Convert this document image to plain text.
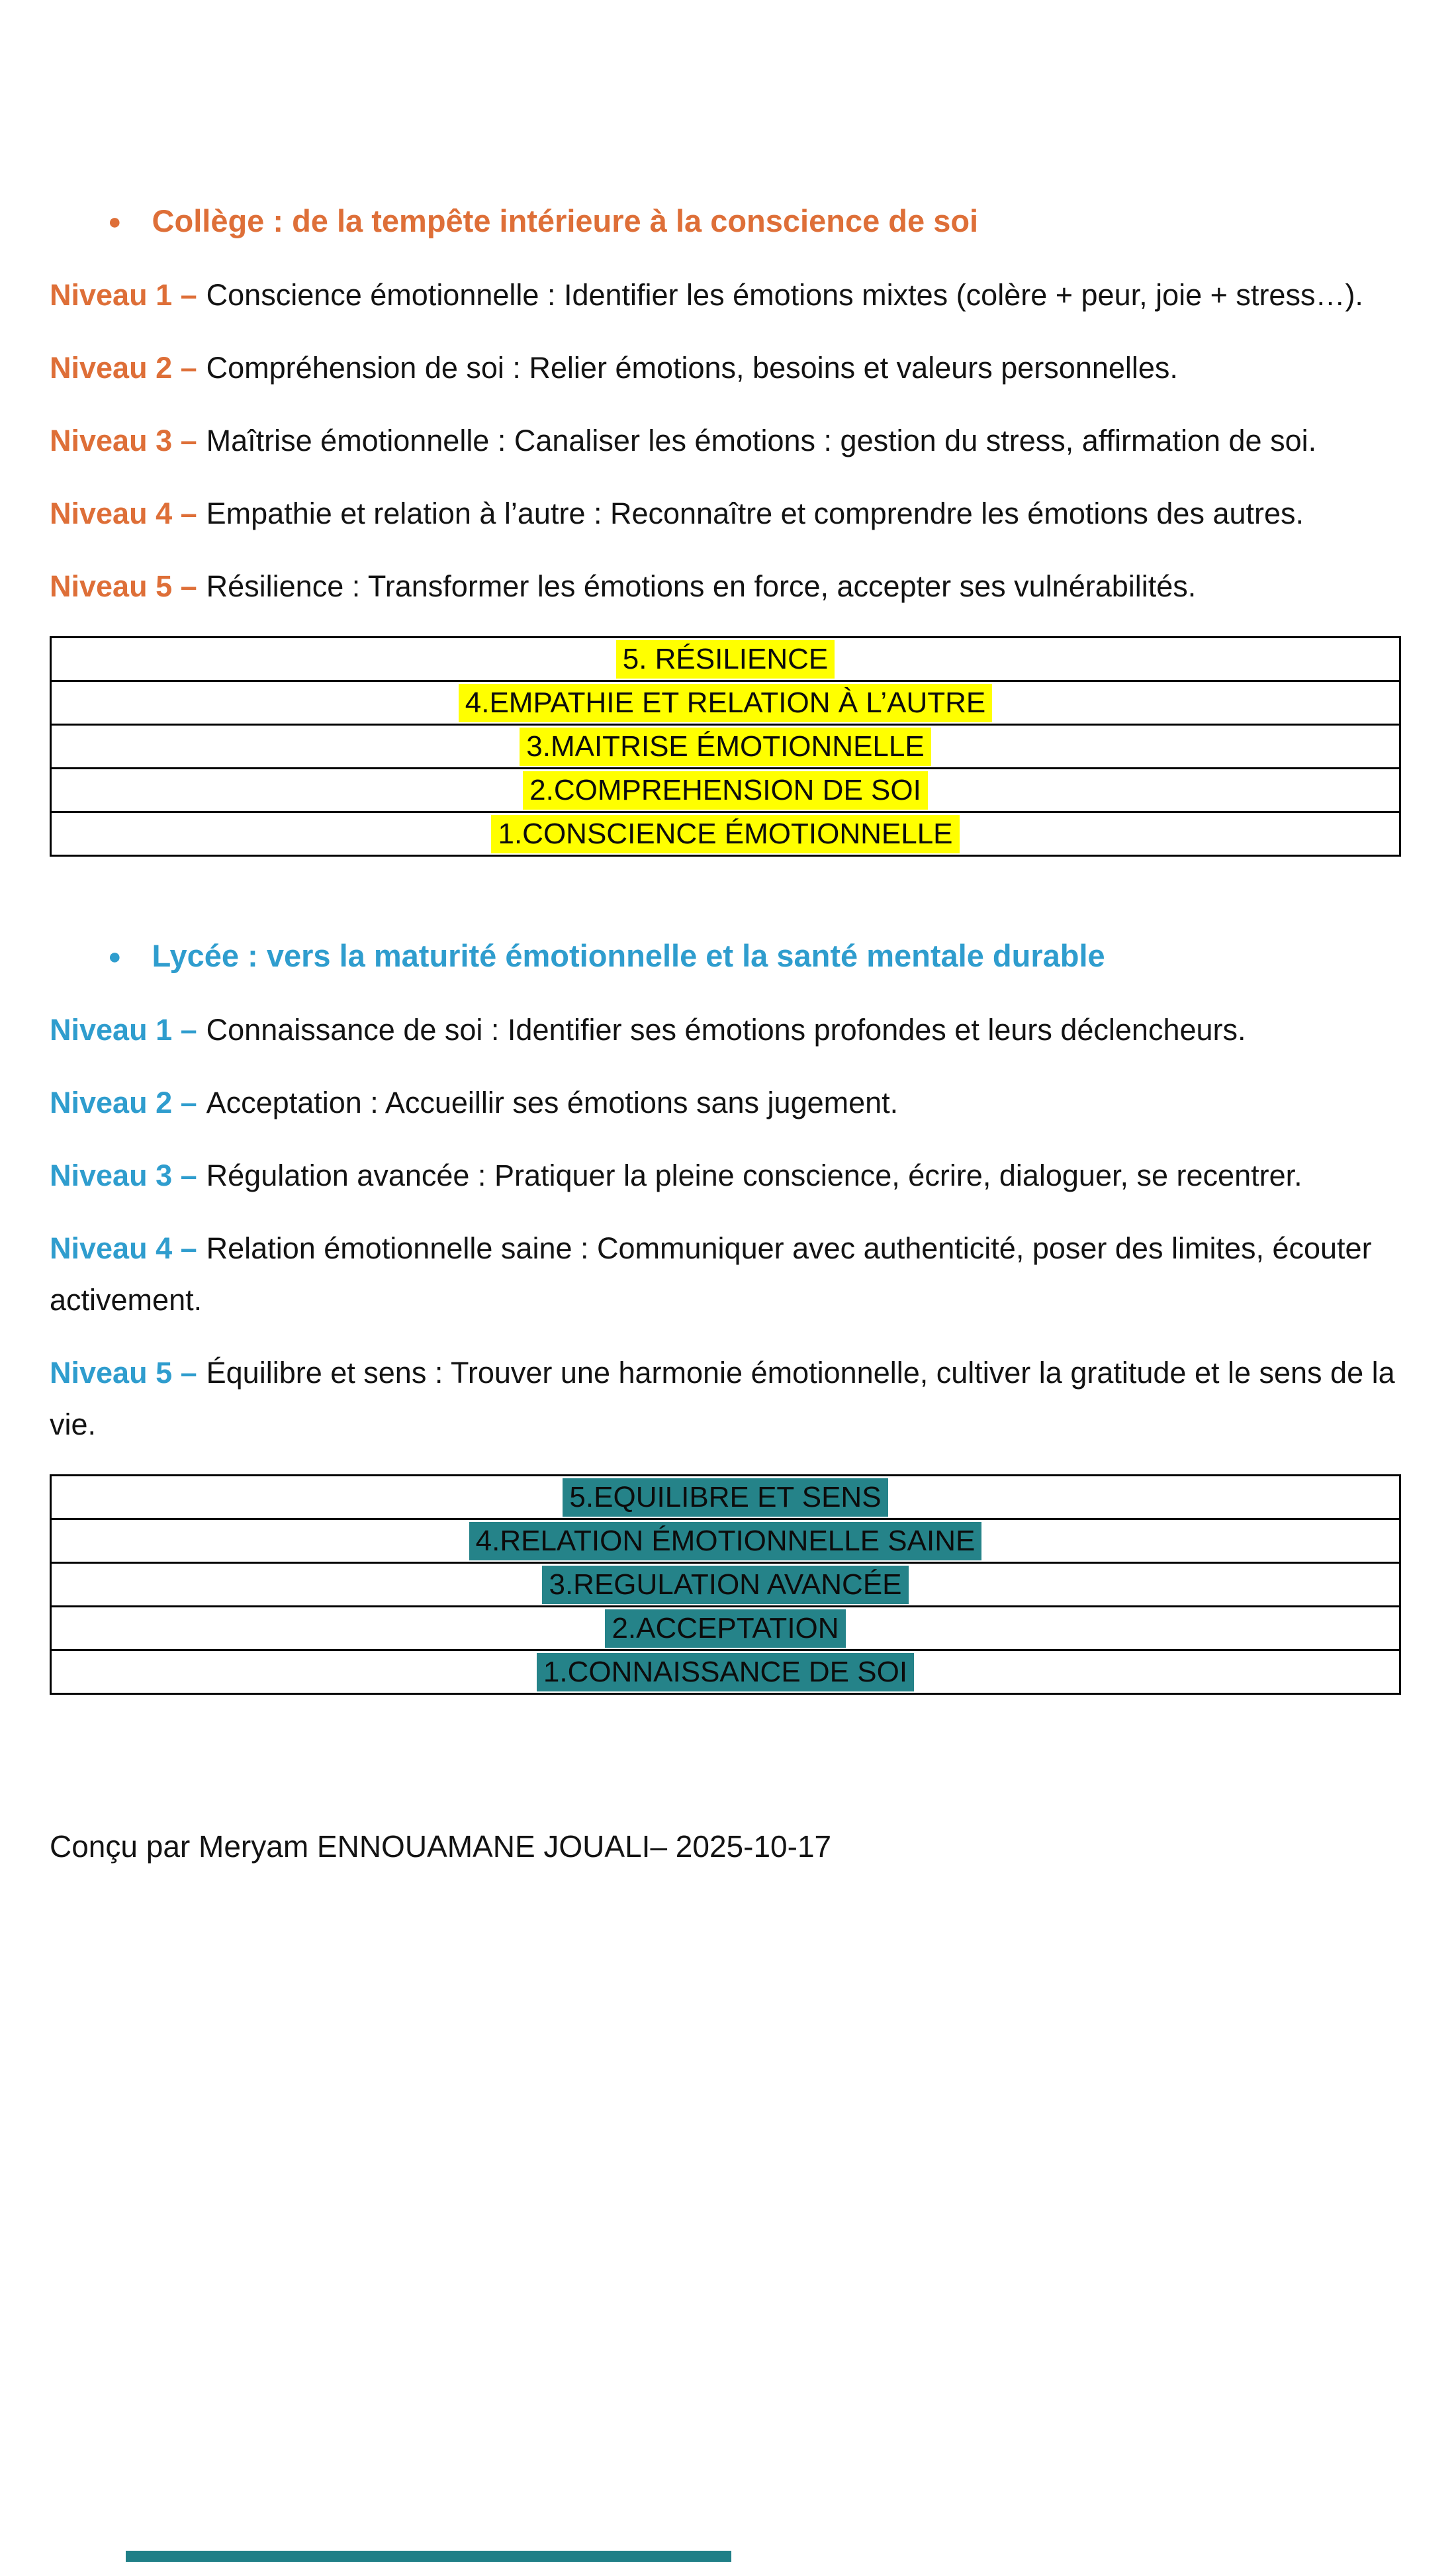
● Collège : de la tempête intérieure à la conscience de soi

Niveau 1 – Conscience émotionnelle : Identifier les émotions mixtes (colère + peur, joie + stress…).

Niveau 2 – Compréhension de soi : Relier émotions, besoins et valeurs personnelles.

Niveau 3 – Maîtrise émotionnelle : Canaliser les émotions : gestion du stress, affirmation de soi.

Niveau 4 – Empathie et relation à l’autre : Reconnaître et comprendre les émotions des autres.

Niveau 5 – Résilience : Transformer les émotions en force, accepter ses vulnérabilités.

5. RÉSILIENCE
4.EMPATHIE ET RELATION À L’AUTRE
3.MAITRISE ÉMOTIONNELLE
2.COMPREHENSION DE SOI
1.CONSCIENCE ÉMOTIONNELLE
● Lycée : vers la maturité émotionnelle et la santé mentale durable

Niveau 1 – Connaissance de soi : Identifier ses émotions profondes et leurs déclencheurs.

Niveau 2 – Acceptation : Accueillir ses émotions sans jugement.

Niveau 3 – Régulation avancée : Pratiquer la pleine conscience, écrire, dialoguer, se recentrer.

Niveau 4 – Relation émotionnelle saine : Communiquer avec authenticité, poser des limites, écouter activement.

Niveau 5 – Équilibre et sens : Trouver une harmonie émotionnelle, cultiver la gratitude et le sens de la vie.

5.EQUILIBRE ET SENS
4.RELATION ÉMOTIONNELLE SAINE
3.REGULATION AVANCÉE
2.ACCEPTATION
1.CONNAISSANCE DE SOI

Conçu par Meryam ENNOUAMANE JOUALI– 2025-10-17
